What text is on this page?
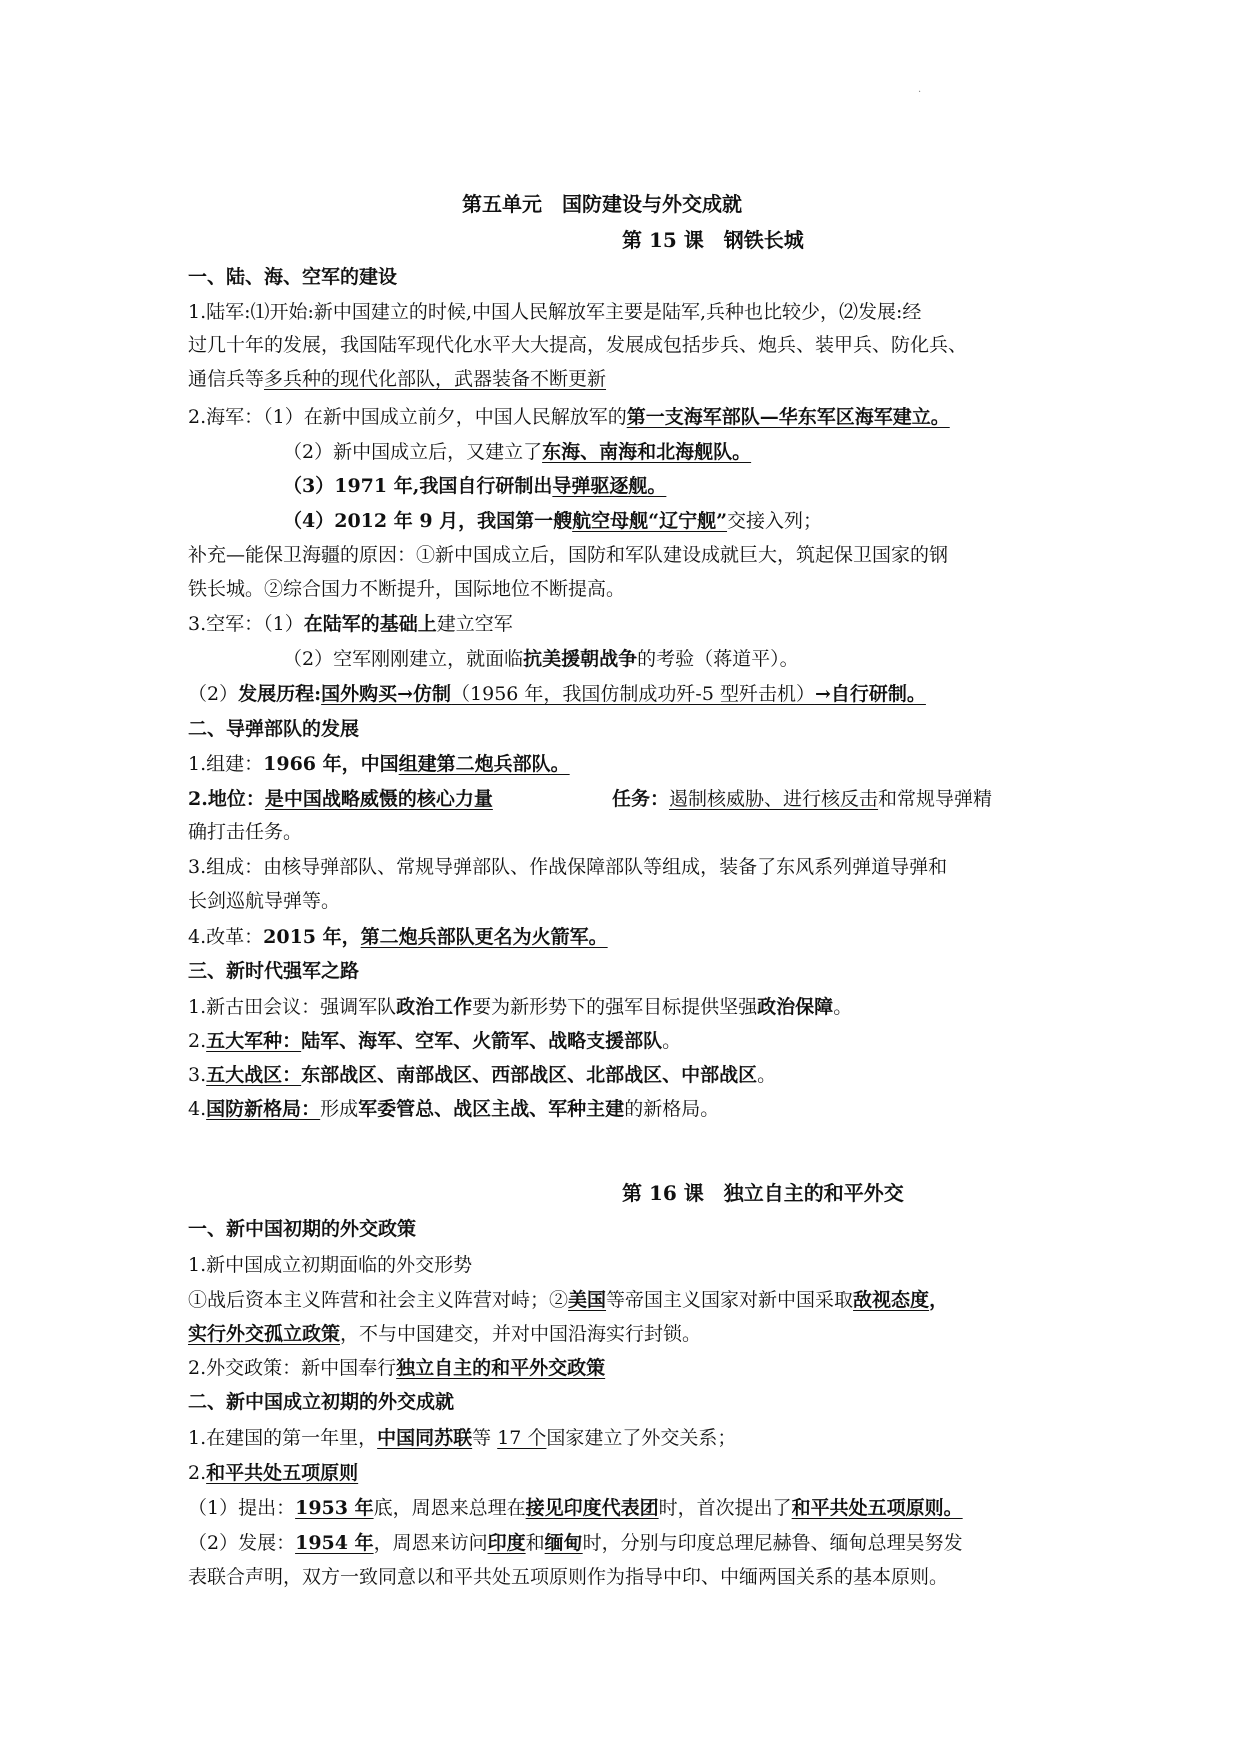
·
第五单元　国防建设与外交成就
第 15 课　钢铁长城
一、陆、海、空军的建设
1.陆军:⑴开始:新中国建立的时候,中国人民解放军主要是陆军,兵种也比较少，⑵发展:经
过几十年的发展，我国陆军现代化水平大大提高，发展成包括步兵、炮兵、装甲兵、防化兵、
通信兵等多兵种的现代化部队，武器装备不断更新
2.海军：（1）在新中国成立前夕，中国人民解放军的第一支海军部队—华东军区海军建立。
（2）新中国成立后，又建立了东海、南海和北海舰队。
（3）1971 年,我国自行研制出导弹驱逐舰。
（4）2012 年 9 月，我国第一艘航空母舰“辽宁舰”交接入列；
补充—能保卫海疆的原因：①新中国成立后，国防和军队建设成就巨大，筑起保卫国家的钢
铁长城。②综合国力不断提升，国际地位不断提高。
3.空军：（1）在陆军的基础上建立空军
（2）空军刚刚建立，就面临抗美援朝战争的考验（蒋道平）。
（2）发展历程:国外购买→仿制（1956 年，我国仿制成功歼-5 型歼击机）→自行研制。
二、导弹部队的发展
1.组建：1966 年，中国组建第二炮兵部队。
2.地位：是中国战略威慑的核心力量	任务：遏制核威胁、进行核反击和常规导弹精
确打击任务。
3.组成：由核导弹部队、常规导弹部队、作战保障部队等组成，装备了东风系列弹道导弹和
长剑巡航导弹等。
4.改革：2015 年，第二炮兵部队更名为火箭军。
三、新时代强军之路
1.新古田会议：强调军队政治工作要为新形势下的强军目标提供坚强政治保障。
2.五大军种：陆军、海军、空军、火箭军、战略支援部队。
3.五大战区：东部战区、南部战区、西部战区、北部战区、中部战区。
4.国防新格局：形成军委管总、战区主战、军种主建的新格局。
第 16 课　独立自主的和平外交
一、新中国初期的外交政策
1.新中国成立初期面临的外交形势
①战后资本主义阵营和社会主义阵营对峙；②美国等帝国主义国家对新中国采取敌视态度，
实行外交孤立政策，不与中国建交，并对中国沿海实行封锁。
2.外交政策：新中国奉行独立自主的和平外交政策
二、新中国成立初期的外交成就
1.在建国的第一年里，中国同苏联等 17 个国家建立了外交关系；
2.和平共处五项原则
（1）提出：1953 年底，周恩来总理在接见印度代表团时，首次提出了和平共处五项原则。
（2）发展：1954 年，周恩来访问印度和缅甸时，分别与印度总理尼赫鲁、缅甸总理吴努发
表联合声明，双方一致同意以和平共处五项原则作为指导中印、中缅两国关系的基本原则。
